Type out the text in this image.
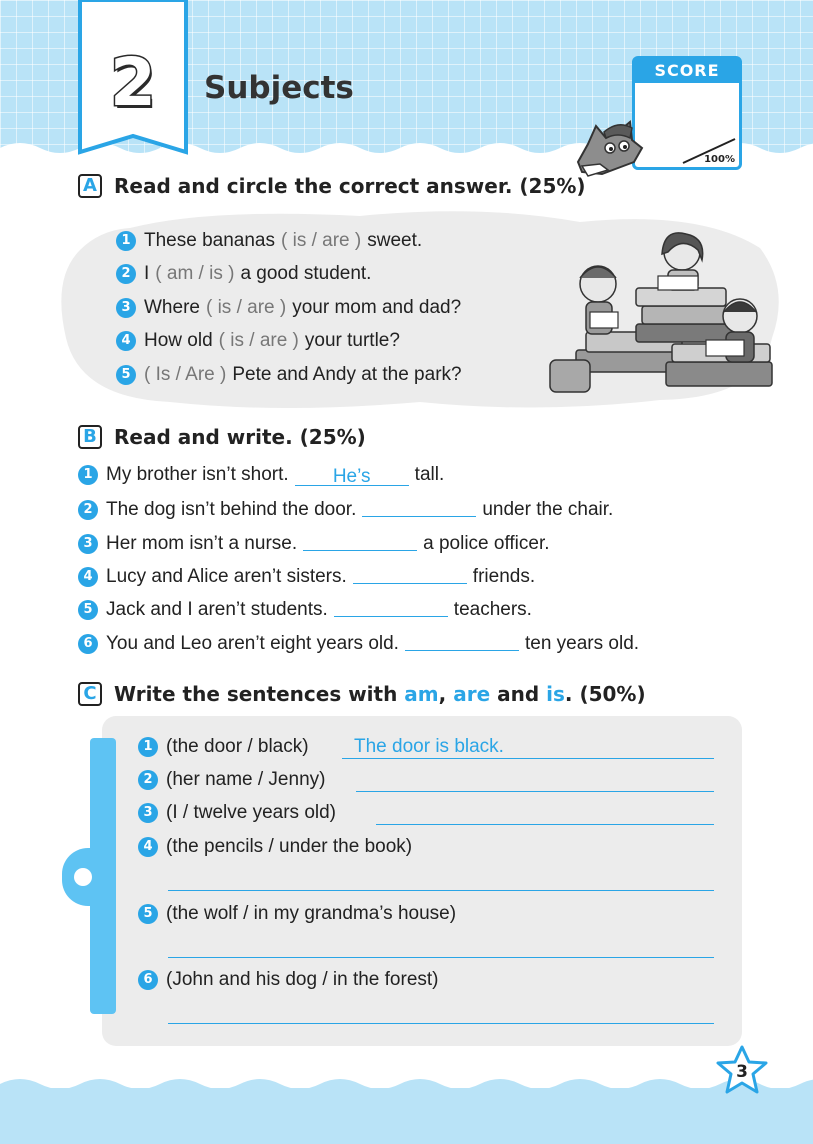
2	Subjects	SCORE
100%
A Read and circle the correct answer. (25%)
1 These bananas ( is / are ) sweet.
2 I ( am / is ) a good student.
3 Where ( is / are ) your mom and dad?
4 How old ( is / are ) your turtle?
5 ( Is / Are ) Pete and Andy at the park?
B Read and write. (25%)
1 My brother isn’t short. He’s tall.
2 The dog isn’t behind the door.	under the chair.
3 Her mom isn’t a nurse.	a police officer.
4 Lucy and Alice aren’t sisters.	friends.
5 Jack and I aren’t students.	teachers.
6 You and Leo aren’t eight years old.	ten years old.
C Write the sentences with am, are and is. (50%)
1 (the door / black) The door is black.
2 (her name / Jenny)
3 (I / twelve years old)
4 (the pencils / under the book)
5 (the wolf / in my grandma’s house)
6 (John and his dog / in the forest)
3
